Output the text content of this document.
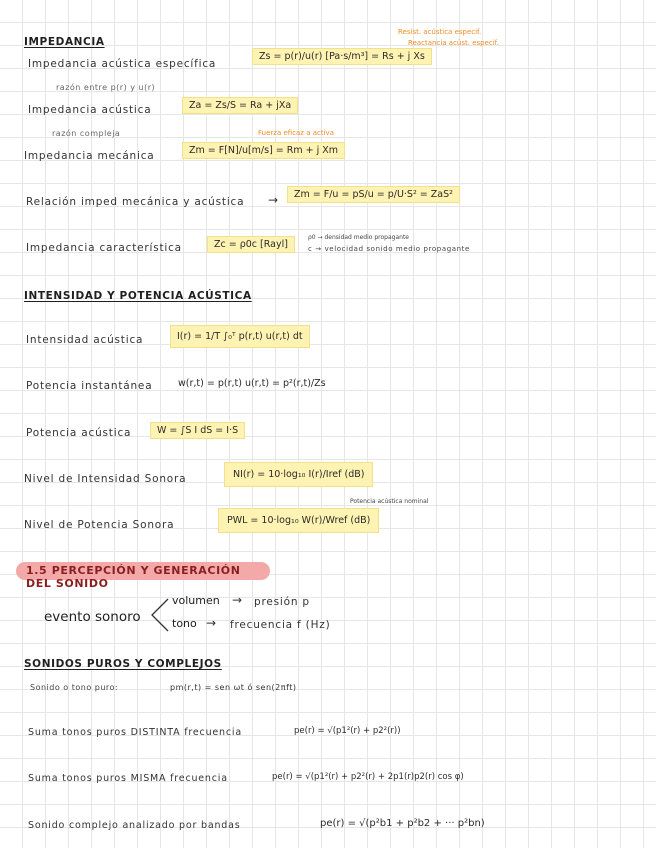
IMPEDANCIA
Impedancia acústica específica
Zs = p(r)/u(r) [Pa·s/m³] = Rs + j Xs
Resist. acústica especif.
Reactancia acúst. especif.
razón entre p(r) y u(r)
Impedancia acústica	Za = Zs/S = Ra + jXa
razón compleja	Fuerza eficaz a activa
Impedancia mecánica	Zm = F[N]/u[m/s] = Rm + j Xm
Relación imped mecánica y acústica →	Zm = F/u = pS/u = p/U·S² = ZaS²
Impedancia característica	Zc = ρ0c [Rayl]
ρ0 → densidad medio propagante
c → velocidad sonido medio propagante
INTENSIDAD Y POTENCIA ACÚSTICA
Intensidad acústica	I(r) = 1/T ∫₀ᵀ p(r,t) u(r,t) dt
Potencia instantánea	w(r,t) = p(r,t) u(r,t) = p²(r,t)/Zs
Potencia acústica	W = ∫S I dS = I·S
Nivel de Intensidad Sonora	NI(r) = 10·log₁₀ I(r)/Iref (dB)
Potencia acústica nominal
Nivel de Potencia Sonora	PWL = 10·log₁₀ W(r)/Wref (dB)
1.5 PERCEPCIÓN Y GENERACIÓN DEL SONIDO
evento sonoro
volumen → presión p
tono → frecuencia f (Hz)
SONIDOS PUROS Y COMPLEJOS
Sonido o tono puro:	pm(r,t) = sen ωt ó sen(2πft)
Suma tonos puros DISTINTA frecuencia	pe(r) = √(p1²(r) + p2²(r))
Suma tonos puros MISMA frecuencia	pe(r) = √(p1²(r) + p2²(r) + 2p1(r)p2(r) cos φ)
Sonido complejo analizado por bandas	pe(r) = √(p²b1 + p²b2 + ··· p²bn)
